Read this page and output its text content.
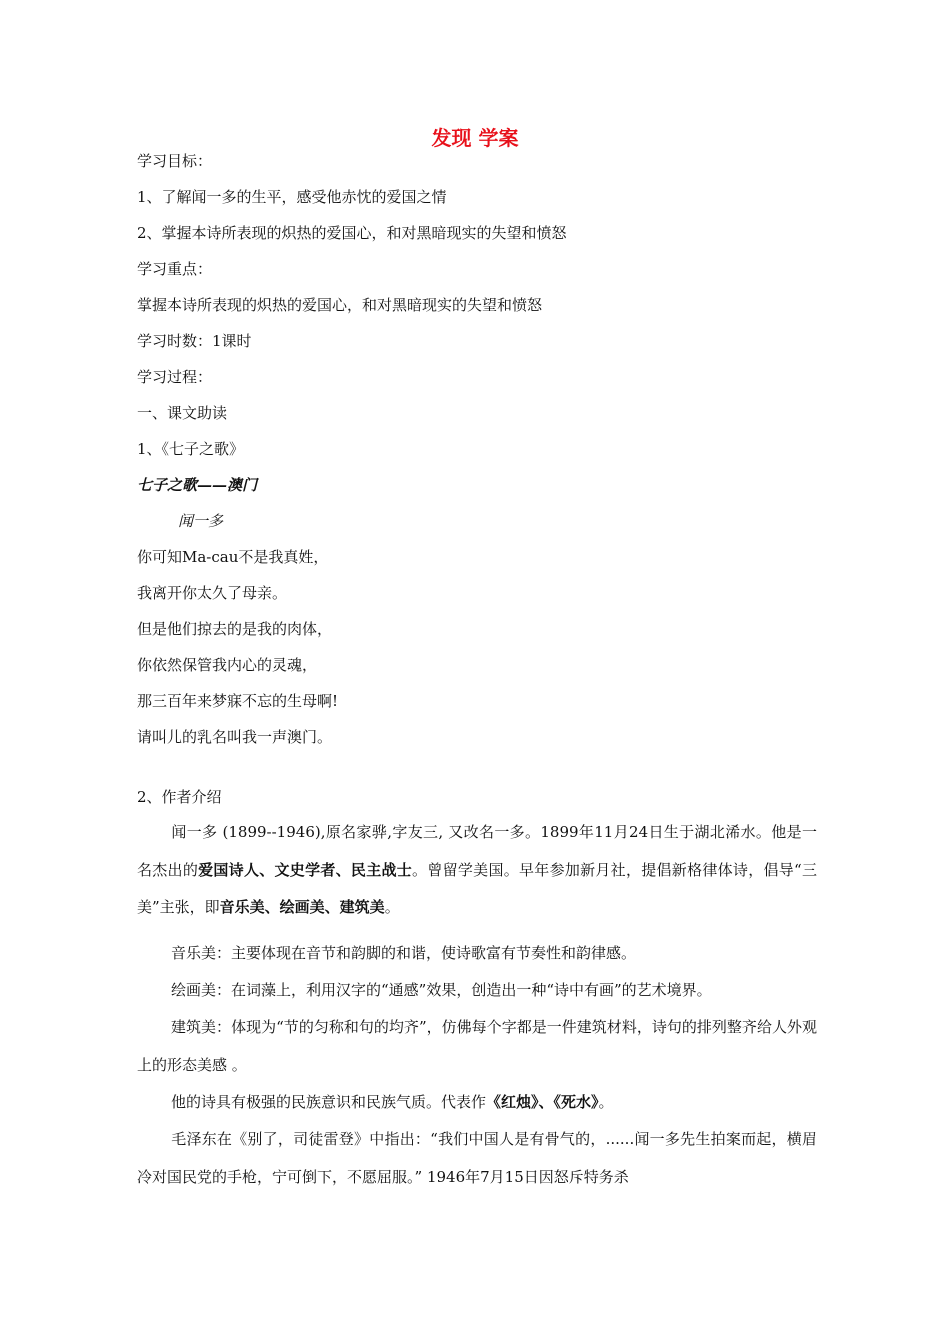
发现 学案
学习目标：
1、了解闻一多的生平，感受他赤忱的爱国之情
2、掌握本诗所表现的炽热的爱国心，和对黑暗现实的失望和愤怒
学习重点：
掌握本诗所表现的炽热的爱国心，和对黑暗现实的失望和愤怒
学习时数：1课时
学习过程：
一、课文助读
1、《七子之歌》
七子之歌——澳门
闻一多
你可知Ma-cau不是我真姓，
我离开你太久了母亲。
但是他们掠去的是我的肉体，
你依然保管我内心的灵魂，
那三百年来梦寐不忘的生母啊!
请叫儿的乳名叫我一声澳门。
2、作者介绍
闻一多 (1899--1946),原名家骅,字友三, 又改名一多。1899年11月24日生于湖北浠水。他是一名杰出的爱国诗人、文史学者、民主战士。曾留学美国。早年参加新月社，提倡新格律体诗，倡导“三美”主张，即音乐美、绘画美、建筑美。
音乐美：主要体现在音节和韵脚的和谐，使诗歌富有节奏性和韵律感。
绘画美：在词藻上，利用汉字的“通感”效果，创造出一种“诗中有画”的艺术境界。
建筑美：体现为“节的匀称和句的均齐”，仿佛每个字都是一件建筑材料，诗句的排列整齐给人外观上的形态美感 。
他的诗具有极强的民族意识和民族气质。代表作《红烛》、《死水》。
毛泽东在《别了，司徒雷登》中指出：“我们中国人是有骨气的，......闻一多先生拍案而起，横眉冷对国民党的手枪，宁可倒下，不愿屈服。” 1946年7月15日因怒斥特务杀
